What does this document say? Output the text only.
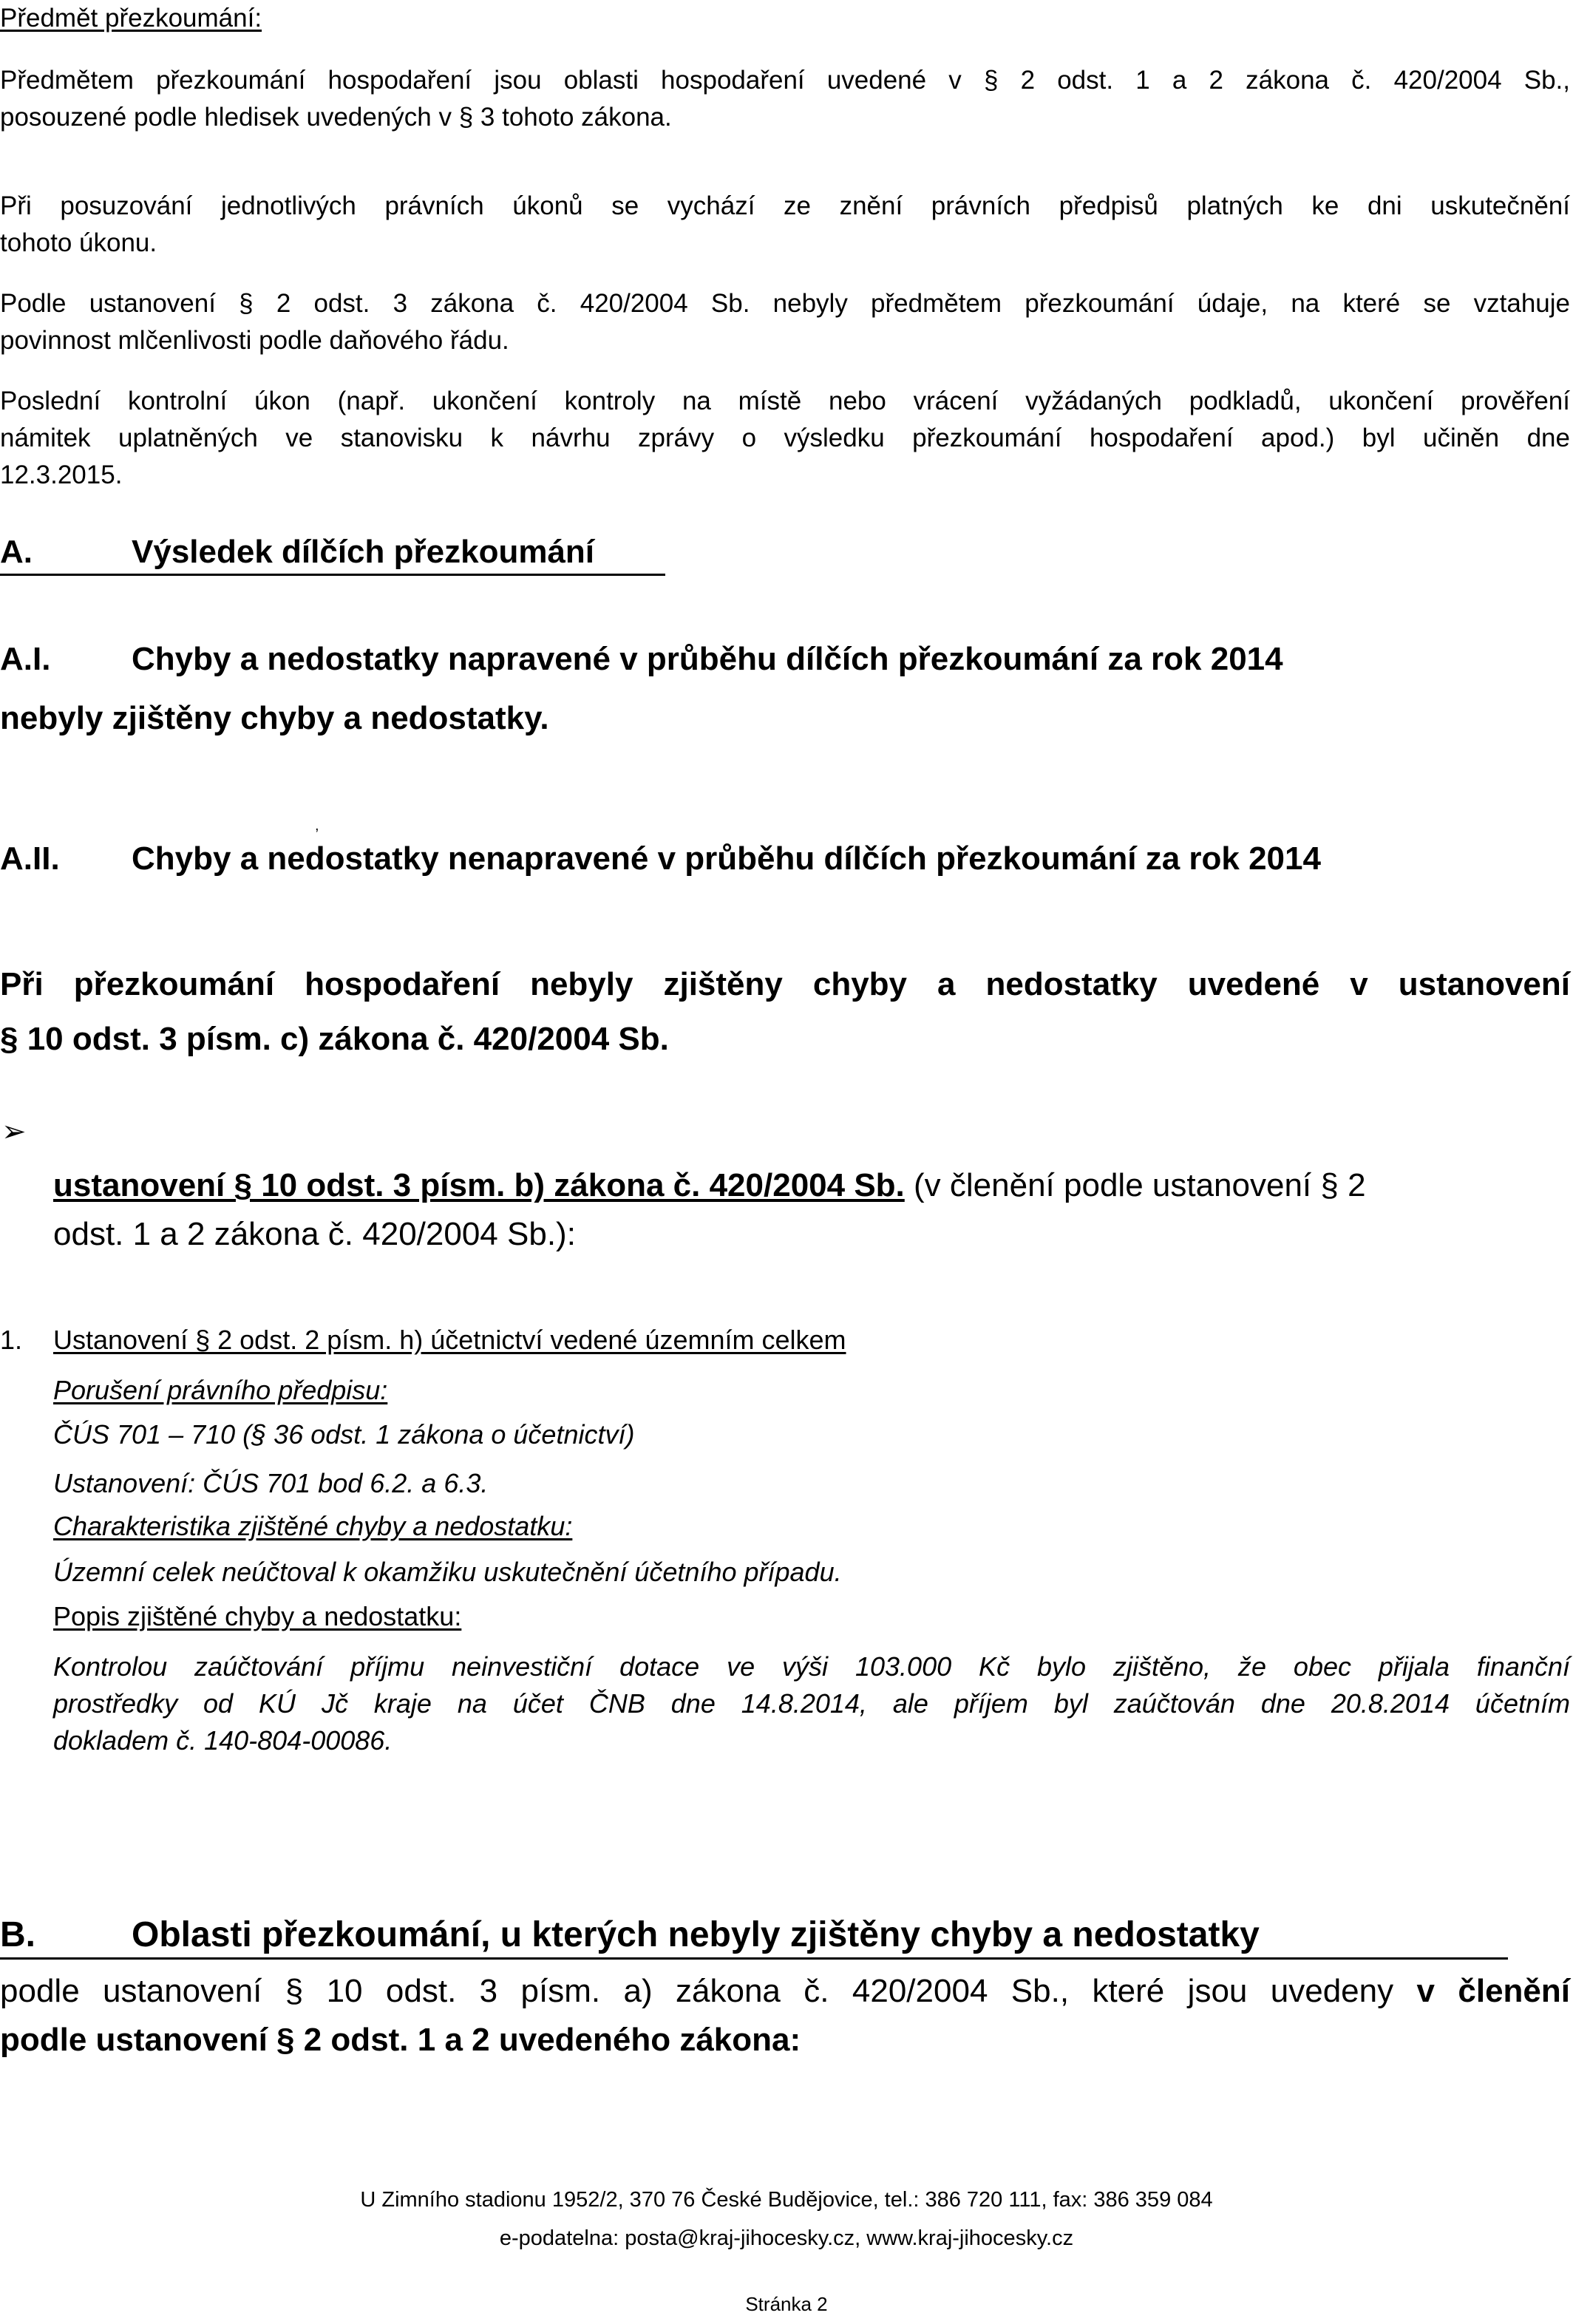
Předmět přezkoumání:
Předmětem přezkoumání hospodaření jsou oblasti hospodaření uvedené v § 2 odst. 1 a 2 zákona č. 420/2004 Sb.,
posouzené podle hledisek uvedených v § 3 tohoto zákona.
Při posuzování jednotlivých právních úkonů se vychází ze znění právních předpisů platných ke dni uskutečnění
tohoto úkonu.
Podle ustanovení § 2 odst. 3 zákona č. 420/2004 Sb. nebyly předmětem přezkoumání údaje, na které se vztahuje
povinnost mlčenlivosti podle daňového řádu.
Poslední kontrolní úkon (např. ukončení kontroly na místě nebo vrácení vyžádaných podkladů, ukončení prověření
námitek uplatněných ve stanovisku k návrhu zprávy o výsledku přezkoumání hospodaření apod.) byl učiněn dne
12.3.2015.
A.	Výsledek dílčích přezkoumání
A.I. Chyby a nedostatky napravené v průběhu dílčích přezkoumání za rok 2014
nebyly zjištěny chyby a nedostatky.
,
A.II. Chyby a nedostatky nenapravené v průběhu dílčích přezkoumání za rok 2014
Při přezkoumání hospodaření nebyly zjištěny chyby a nedostatky uvedené v ustanovení
§ 10 odst. 3 písm. c) zákona č. 420/2004 Sb.
➢
ustanovení § 10 odst. 3 písm. b) zákona č. 420/2004 Sb. (v členění podle ustanovení § 2
odst. 1 a 2 zákona č. 420/2004 Sb.):
1. Ustanovení § 2 odst. 2 písm. h) účetnictví vedené územním celkem
Porušení právního předpisu:
ČÚS 701 – 710 (§ 36 odst. 1 zákona o účetnictví)
Ustanovení: ČÚS 701 bod 6.2. a 6.3.
Charakteristika zjištěné chyby a nedostatku:
Územní celek neúčtoval k okamžiku uskutečnění účetního případu.
Popis zjištěné chyby a nedostatku:
Kontrolou zaúčtování příjmu neinvestiční dotace ve výši 103.000 Kč bylo zjištěno, že obec přijala finanční
prostředky od KÚ Jč kraje na účet ČNB dne 14.8.2014, ale příjem byl zaúčtován dne 20.8.2014 účetním
dokladem č. 140-804-00086.
B.	Oblasti přezkoumání, u kterých nebyly zjištěny chyby a nedostatky
podle ustanovení § 10 odst. 3 písm. a) zákona č. 420/2004 Sb., které jsou uvedeny v členění
podle ustanovení § 2 odst. 1 a 2 uvedeného zákona:
U Zimního stadionu 1952/2, 370 76 České Budějovice, tel.: 386 720 111, fax: 386 359 084
e-podatelna: posta@kraj-jihocesky.cz, www.kraj-jihocesky.cz
Stránka 2
